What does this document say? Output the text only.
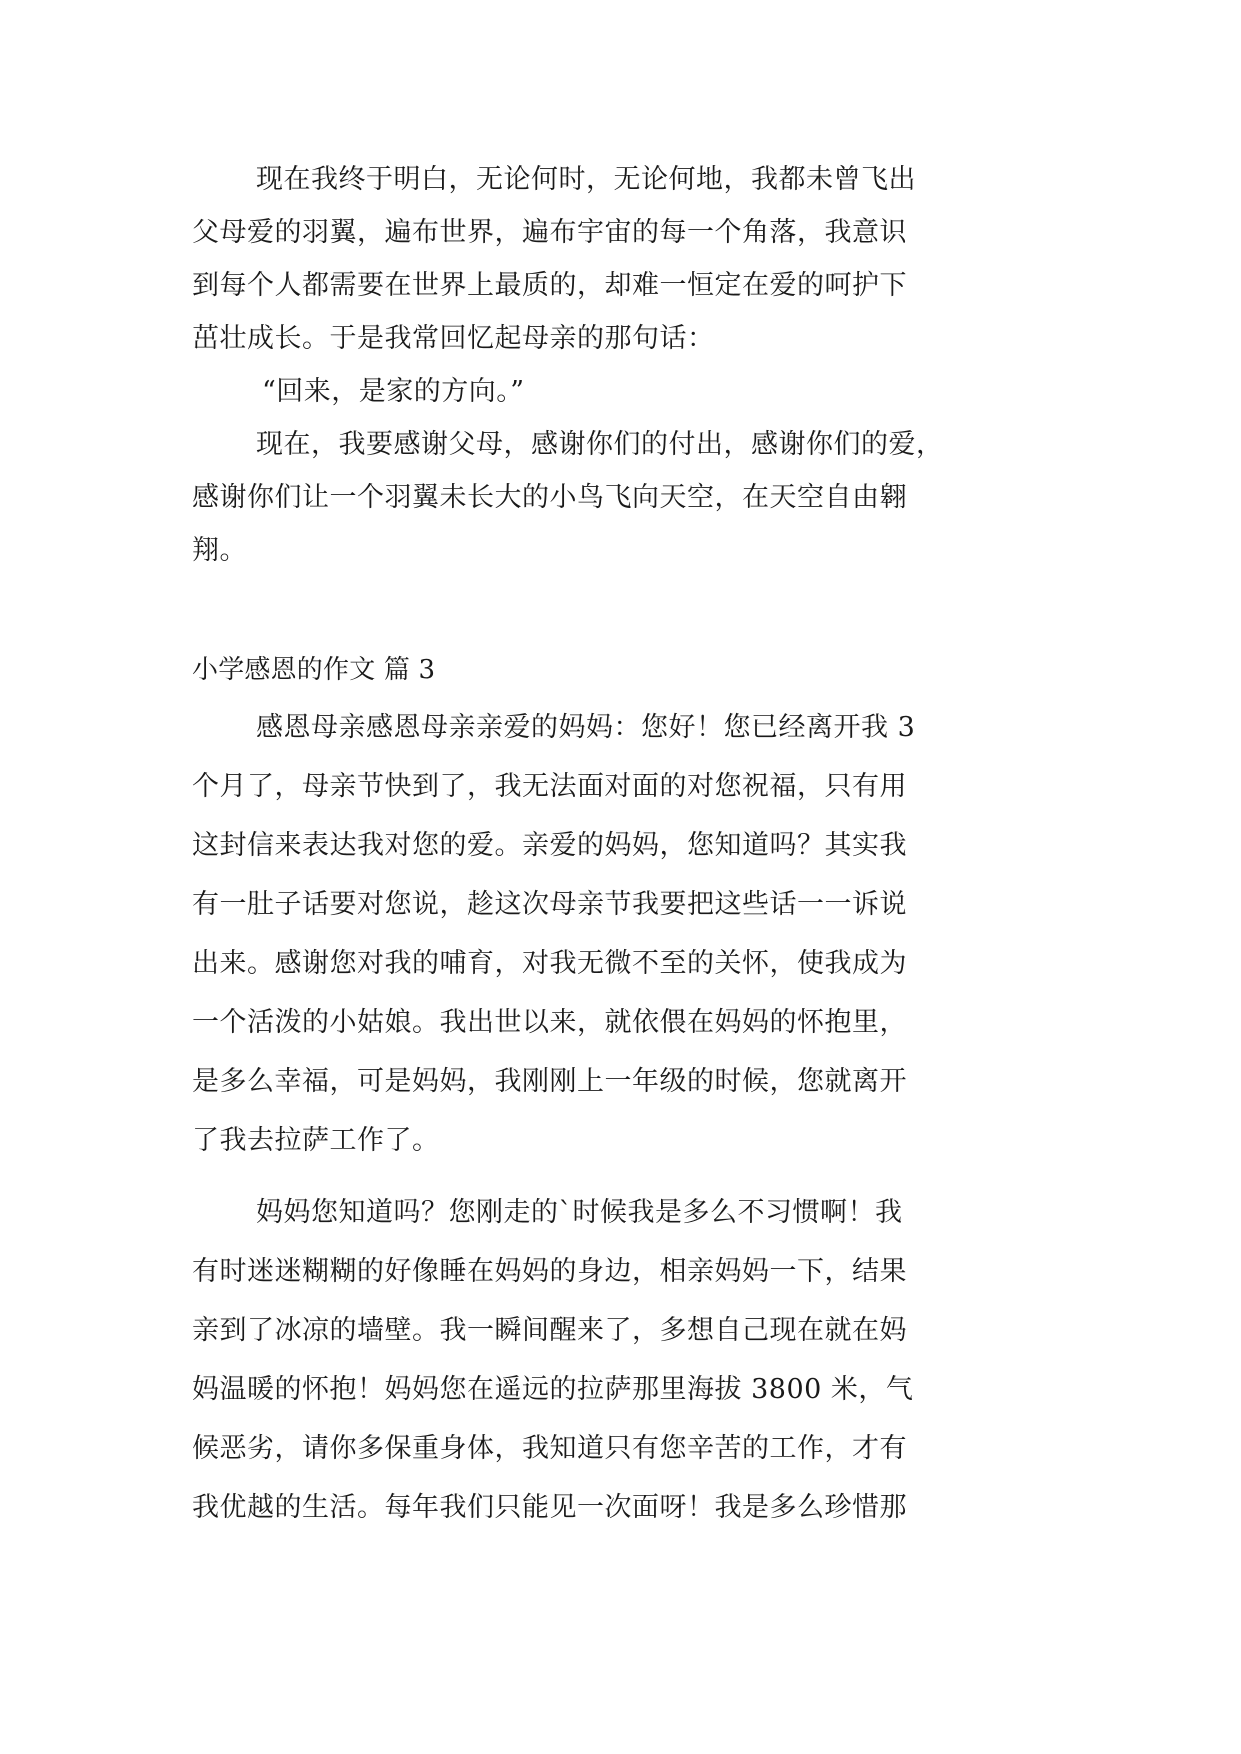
现在我终于明白，无论何时，无论何地，我都未曾飞出
父母爱的羽翼，遍布世界，遍布宇宙的每一个角落，我意识
到每个人都需要在世界上最质的，却难一恒定在爱的呵护下
茁壮成长。于是我常回忆起母亲的那句话：
“回来，是家的方向。”
现在，我要感谢父母，感谢你们的付出，感谢你们的爱，
感谢你们让一个羽翼未长大的小鸟飞向天空，在天空自由翱
翔。
小学感恩的作文 篇 3
感恩母亲感恩母亲亲爱的妈妈：您好！您已经离开我 3
个月了，母亲节快到了，我无法面对面的对您祝福，只有用
这封信来表达我对您的爱。亲爱的妈妈，您知道吗？其实我
有一肚子话要对您说，趁这次母亲节我要把这些话一一诉说
出来。感谢您对我的哺育，对我无微不至的关怀，使我成为
一个活泼的小姑娘。我出世以来，就依偎在妈妈的怀抱里，
是多么幸福，可是妈妈，我刚刚上一年级的时候，您就离开
了我去拉萨工作了。
妈妈您知道吗？您刚走的`时候我是多么不习惯啊！我
有时迷迷糊糊的好像睡在妈妈的身边，相亲妈妈一下，结果
亲到了冰凉的墙壁。我一瞬间醒来了，多想自己现在就在妈
妈温暖的怀抱！妈妈您在遥远的拉萨那里海拔 3800 米，气
候恶劣，请你多保重身体，我知道只有您辛苦的工作，才有
我优越的生活。每年我们只能见一次面呀！我是多么珍惜那
